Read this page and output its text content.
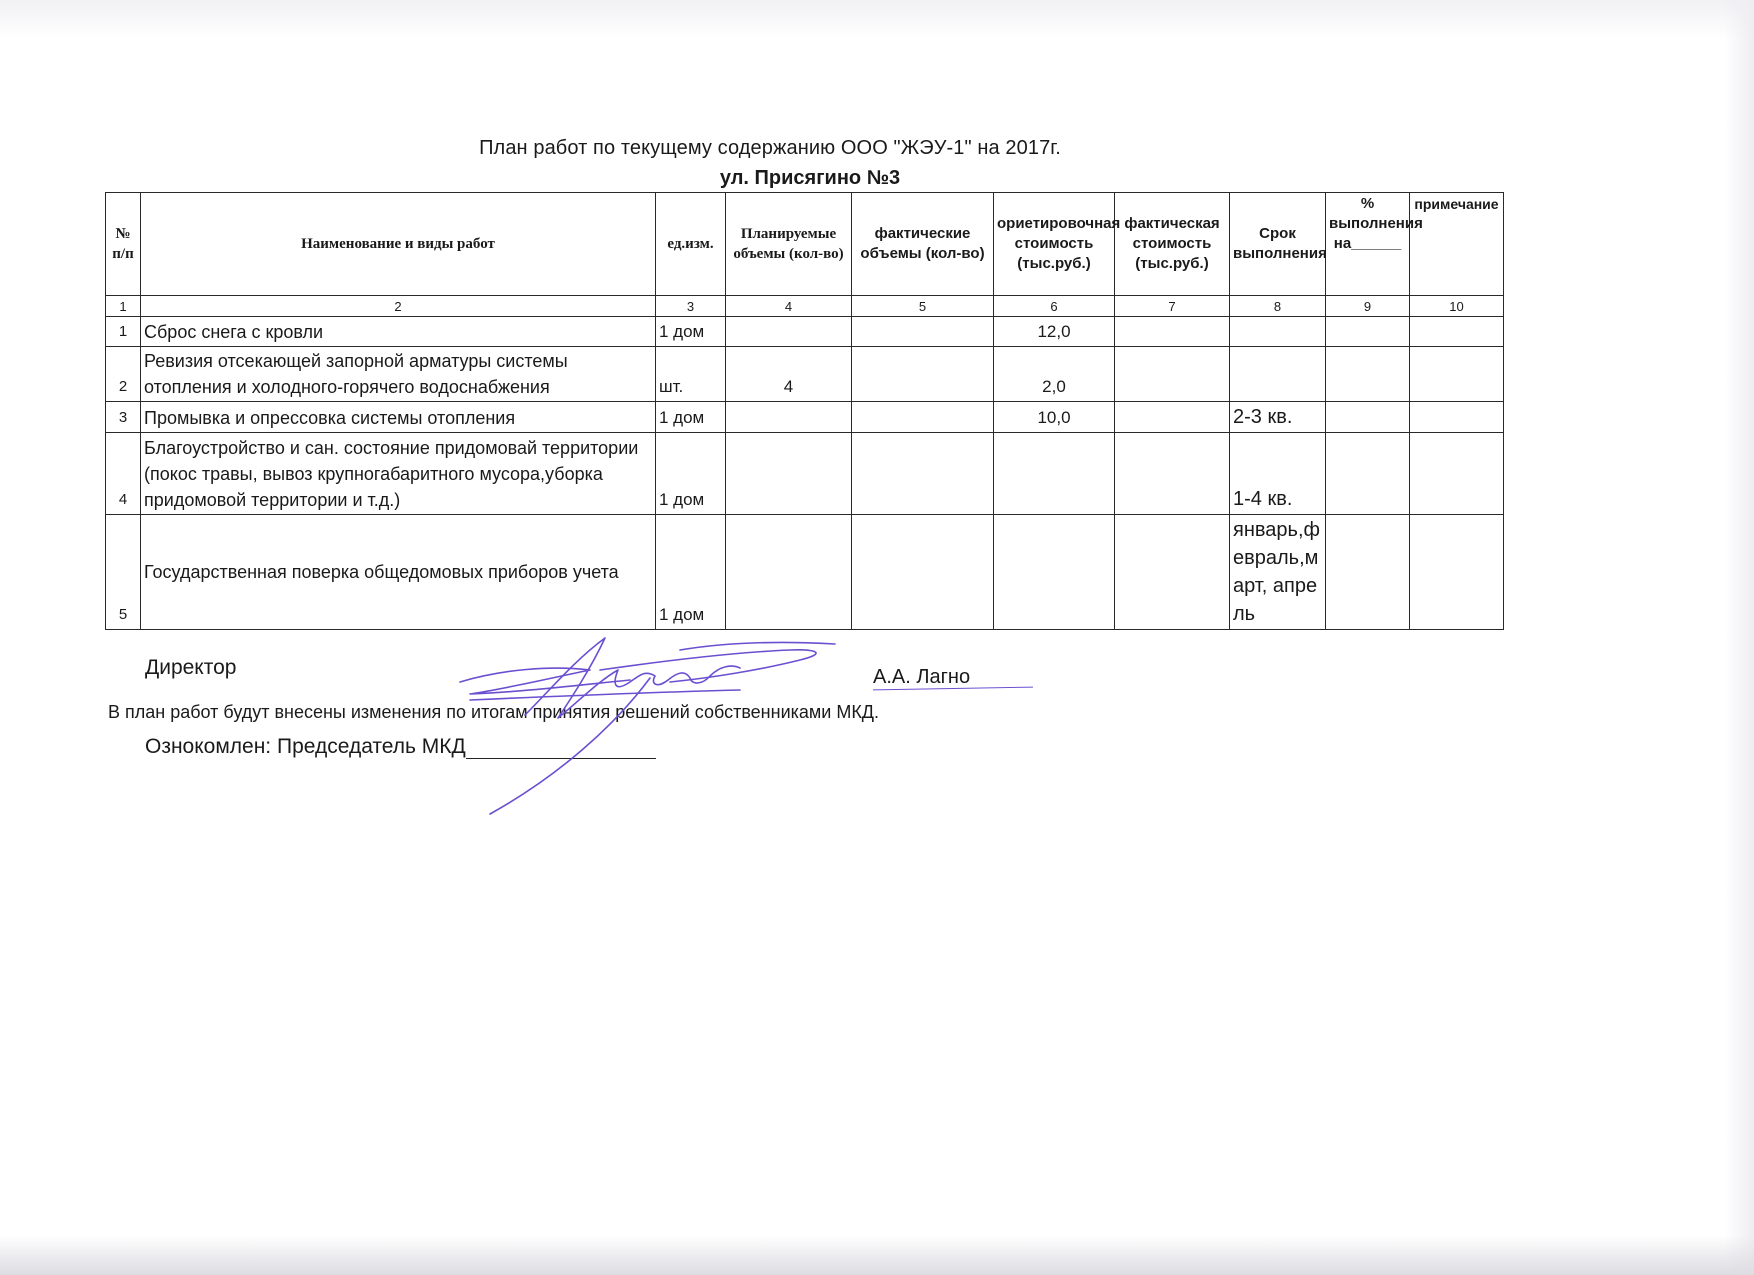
План работ по текущему содержанию ООО "ЖЭУ-1" на 2017г.
ул. Присягино №3
№ п/п	Наименование и виды работ	ед.изм.	Планируемые объемы (кол-во)	фактические объемы (кол-во)	ориетировочная стоимость (тыс.руб.)	фактическая стоимость (тыс.руб.)	Срок выполнения	% выполнения на______	примечание
1	2	3	4	5	6	7	8	9	10
1	Сброс снега с кровли	1 дом			12,0				
2	Ревизия отсекающей запорной арматуры системы отопления и холодного-горячего водоснабжения	шт.	4		2,0				
3	Промывка и опрессовка системы отопления	1 дом			10,0		2-3 кв.		
4	Благоустройство и сан. состояние придомовай территории (покос травы, вывоз крупногабаритного мусора,уборка придомовой территории и т.д.)	1 дом					1-4 кв.		
5	Государственная поверка общедомовых приборов учета	1 дом					январь,февраль,март, апрель		
Директор	А.А. Лагно
В план работ будут внесены изменения по итогам принятия решений собственниками МКД.
Ознокомлен: Председатель МКД
